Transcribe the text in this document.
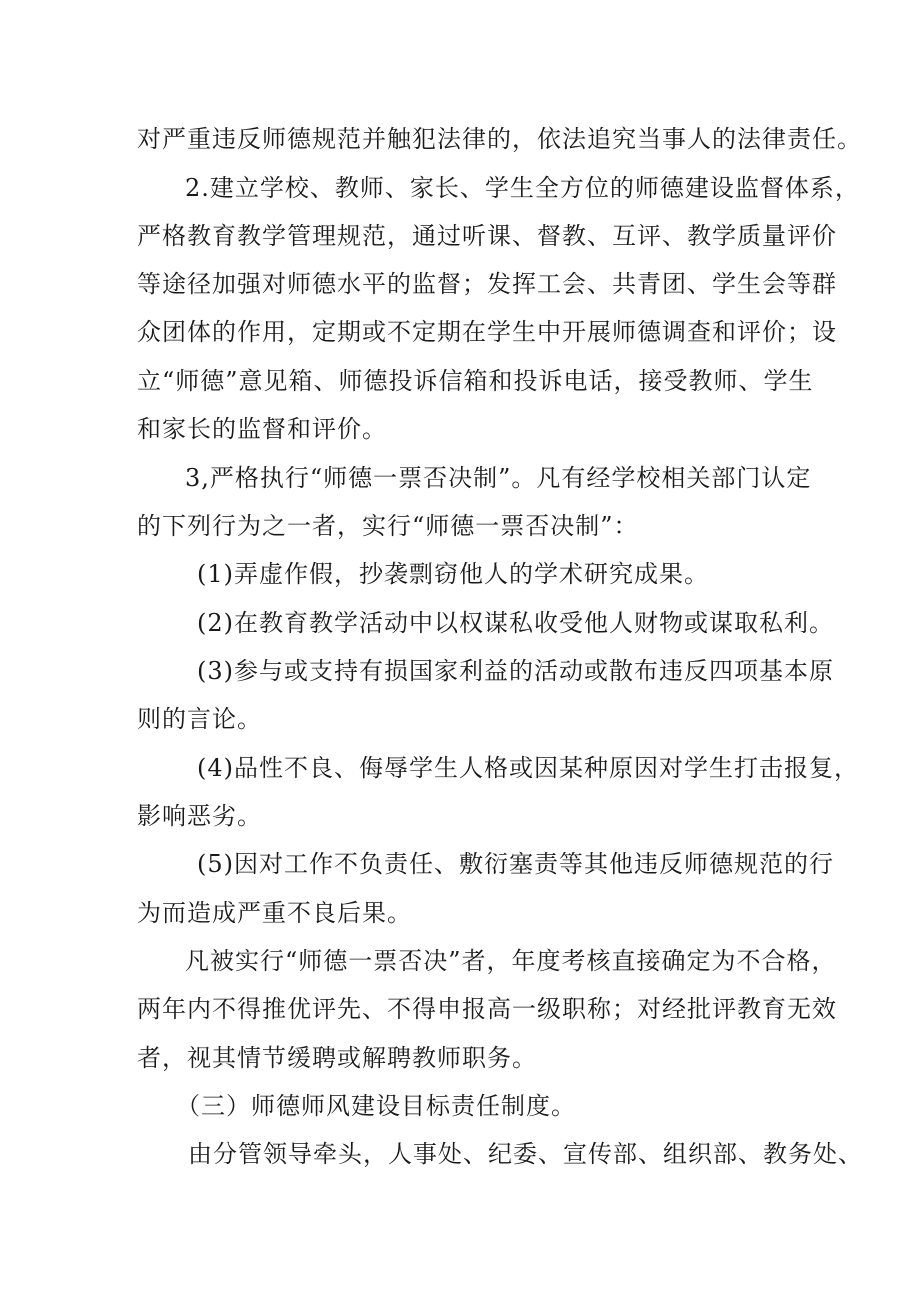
对严重违反师德规范并触犯法律的，依法追究当事人的法律责任。
2.建立学校、教师、家长、学生全方位的师德建设监督体系，
严格教育教学管理规范，通过听课、督教、互评、教学质量评价
等途径加强对师德水平的监督；发挥工会、共青团、学生会等群
众团体的作用，定期或不定期在学生中开展师德调查和评价；设
立“师德”意见箱、师德投诉信箱和投诉电话，接受教师、学生
和家长的监督和评价。
3,严格执行“师德一票否决制”。凡有经学校相关部门认定
的下列行为之一者，实行“师德一票否决制”：
(1)弄虚作假，抄袭剽窃他人的学术研究成果。
(2)在教育教学活动中以权谋私收受他人财物或谋取私利。
(3)参与或支持有损国家利益的活动或散布违反四项基本原
则的言论。
(4)品性不良、侮辱学生人格或因某种原因对学生打击报复，
影响恶劣。
(5)因对工作不负责任、敷衍塞责等其他违反师德规范的行
为而造成严重不良后果。
凡被实行“师德一票否决”者，年度考核直接确定为不合格，
两年内不得推优评先、不得申报高一级职称；对经批评教育无效
者，视其情节缓聘或解聘教师职务。
（三）师德师风建设目标责任制度。
由分管领导牵头，人事处、纪委、宣传部、组织部、教务处、
